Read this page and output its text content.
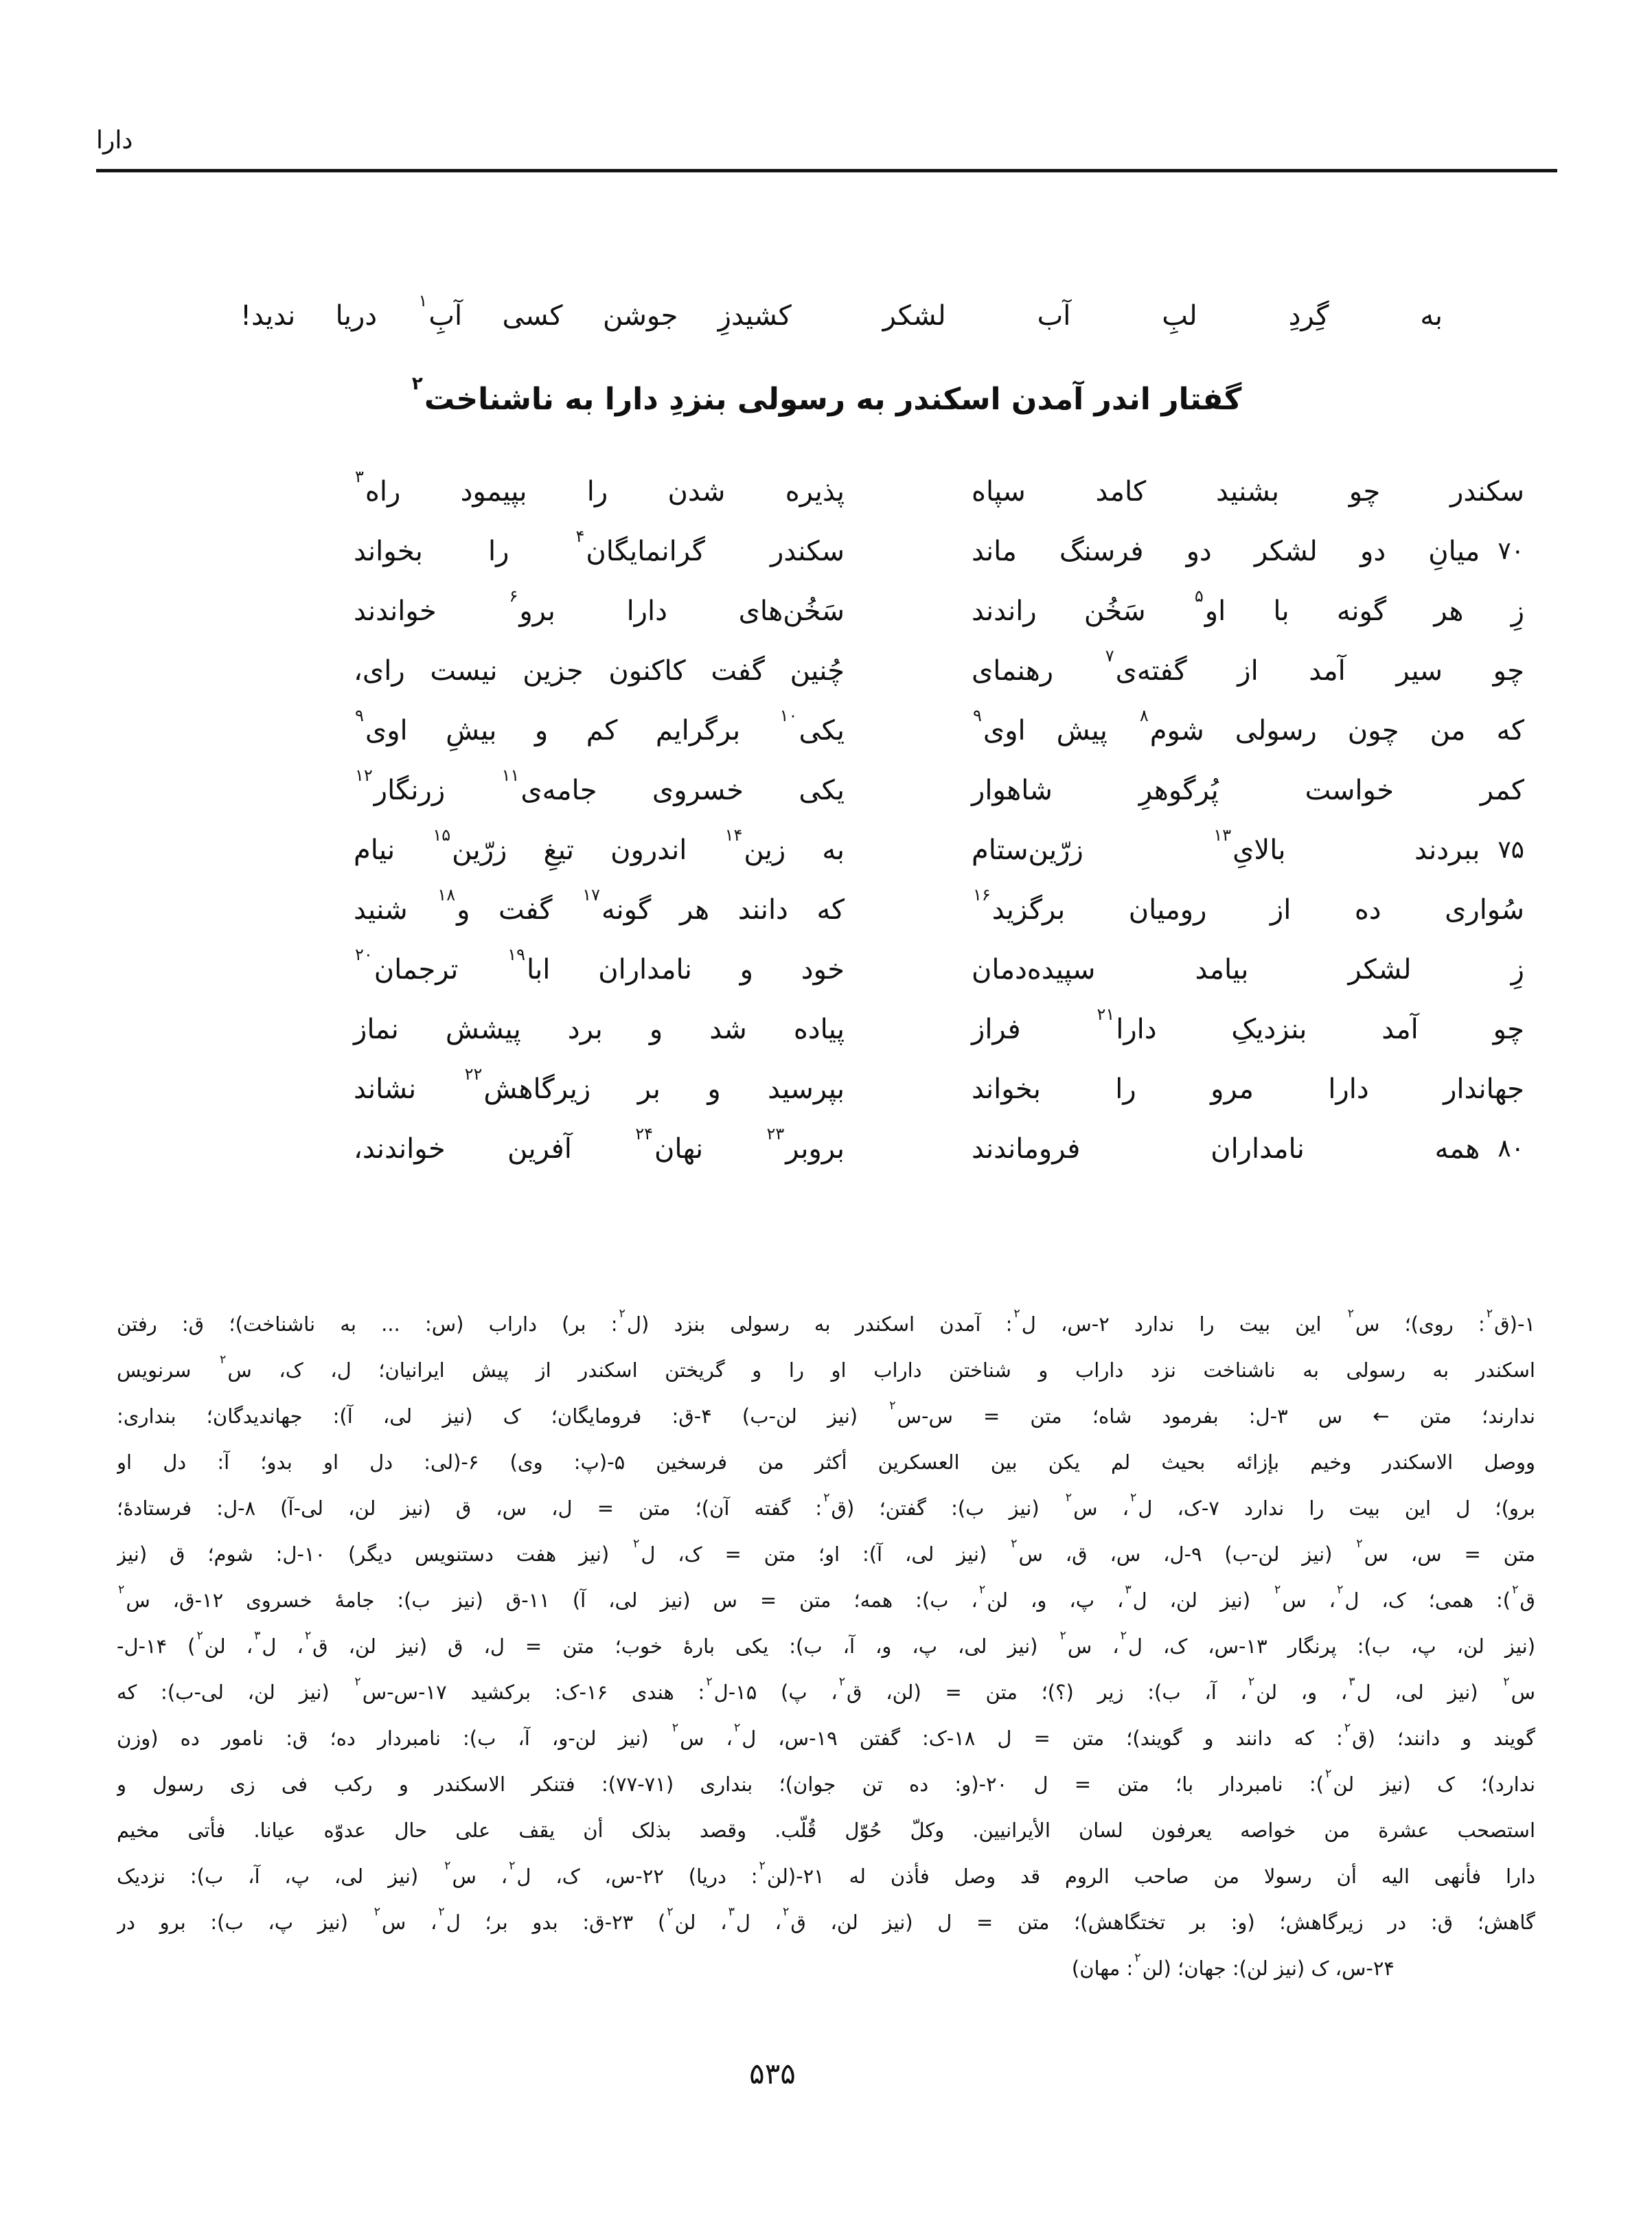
دارا
به گِردِ لبِ آب لشکر کشید
زِ جوشن کسی آبِ$^۱$ دریا ندید!
گفتار اندر آمدن اسکندر به رسولی بنزدِ دارا به ناشناخت$^۲$
سکندر چو بشنید کامد سپاه
پذیره شدن را بپیمود راه$^۳$
۷۰
میانِ دو لشکر دو فرسنگ ماند
سکندر گرانمایگان$^۴$ را بخواند
زِ هر گونه با او$^۵$ سَخُن راندند
سَخُن‌های دارا برو$^۶$ خواندند
چو سیر آمد از گفته‌ی$^۷$ رهنمای
چُنین گفت کاکنون جزین نیست رای،
که من چون رسولی شوم$^۸$ پیش اوی$^۹$
یکی$^{۱۰}$ برگرایم کم و بیشِ اوی$^۹$
کمر خواست پُرگوهرِ شاهوار
یکی خسروی جامه‌ی$^{۱۱}$ زرنگار$^{۱۲}$
۷۵
ببردند بالایِ$^{۱۳}$ زرّین‌ستام
به زین$^{۱۴}$ اندرون تیغِ زرّین$^{۱۵}$ نیام
سُواری ده از رومیان برگزید$^{۱۶}$
که دانند هر گونه$^{۱۷}$ گفت و$^{۱۸}$ شنید
زِ لشکر بیامد سپیده‌دمان
خود و نامداران ابا$^{۱۹}$ ترجمان$^{۲۰}$
چو آمد بنزدیکِ دارا$^{۲۱}$ فراز
پیاده شد و برد پیشش نماز
جهاندار دارا مرو را بخواند
بپرسید و بر زیرگاهش$^{۲۲}$ نشاند
۸۰
همه نامداران فروماندند
بروبر$^{۲۳}$ نهان$^{۲۴}$ آفرین خواندند،
۱-(ق$^۲$: روی)؛ س$^۲$ این بیت را ندارد ۲-س، ل$^۲$: آمدن اسکندر به رسولی بنزد (ل$^۲$: بر) داراب (س: ... به ناشناخت)؛ ق: رفتن
اسکندر به رسولی به ناشناخت نزد داراب و شناختن داراب او را و گریختن اسکندر از پیش ایرانیان؛ ل، ک، س$^۲$ سرنویس
ندارند؛ متن ← س ۳-ل: بفرمود شاه؛ متن = س-س$^۲$ (نیز لن-ب) ۴-ق: فرومایگان؛ ک (نیز لی، آ): جهاندیدگان؛ بنداری:
ووصل الاسکندر وخیم بإزائه بحیث لم یکن بین العسکرین أکثر من فرسخین ۵-(پ: وی) ۶-(لی: دل او بدو؛ آ: دل او
برو)؛ ل این بیت را ندارد ۷-ک، ل$^۲$، س$^۲$ (نیز ب): گفتن؛ (ق$^۲$: گفته آن)؛ متن = ل، س، ق (نیز لن، لی-آ) ۸-ل: فرستادهٔ؛
متن = س، س$^۲$ (نیز لن-ب) ۹-ل، س، ق، س$^۲$ (نیز لی، آ): او؛ متن = ک، ل$^۲$ (نیز هفت دستنویس دیگر) ۱۰-ل: شوم؛ ق (نیز
ق$^۲$): همی؛ ک، ل$^۲$، س$^۲$ (نیز لن، ل$^۳$، پ، و، لن$^۲$، ب): همه؛ متن = س (نیز لی، آ) ۱۱-ق (نیز ب): جامهٔ خسروی ۱۲-ق، س$^۲$
(نیز لن، پ، ب): پرنگار ۱۳-س، ک، ل$^۲$، س$^۲$ (نیز لی، پ، و، آ، ب): یکی بارهٔ خوب؛ متن = ل، ق (نیز لن، ق$^۲$، ل$^۳$، لن$^۲$) ۱۴-ل-
س$^۲$ (نیز لی، ل$^۳$، و، لن$^۲$، آ، ب): زیر (؟)؛ متن = (لن، ق$^۲$، پ) ۱۵-ل$^۲$: هندی ۱۶-ک: برکشید ۱۷-س-س$^۲$ (نیز لن، لی-ب): که
گویند و دانند؛ (ق$^۲$: که دانند و گویند)؛ متن = ل ۱۸-ک: گفتن ۱۹-س، ل$^۲$، س$^۲$ (نیز لن-و، آ، ب): نامبردار ده؛ ق: نامور ده (وزن
ندارد)؛ ک (نیز لن$^۲$): نامبردار با؛ متن = ل ۲۰-(و: ده تن جوان)؛ بنداری (۷۱-۷۷): فتنکر الاسکندر و رکب فی زی رسول و
استصحب عشرة من خواصه یعرفون لسان الأیرانیین. وکلّ حُوّل قُلّب. وقصد بذلک أن یقف علی حال عدوّه عیانا. فأتی مخیم
دارا فأنهی الیه أن رسولا من صاحب الروم قد وصل فأذن له ۲۱-(لن$^۲$: دریا) ۲۲-س، ک، ل$^۲$، س$^۲$ (نیز لی، پ، آ، ب): نزدیک
گاهش؛ ق: در زیرگاهش؛ (و: بر تختگاهش)؛ متن = ل (نیز لن، ق$^۲$، ل$^۳$، لن$^۲$) ۲۳-ق: بدو بر؛ ل$^۲$، س$^۲$ (نیز پ، ب): برو در
۲۴-س، ک (نیز لن): جهان؛ (لن$^۲$: مهان)
۵۳۵
